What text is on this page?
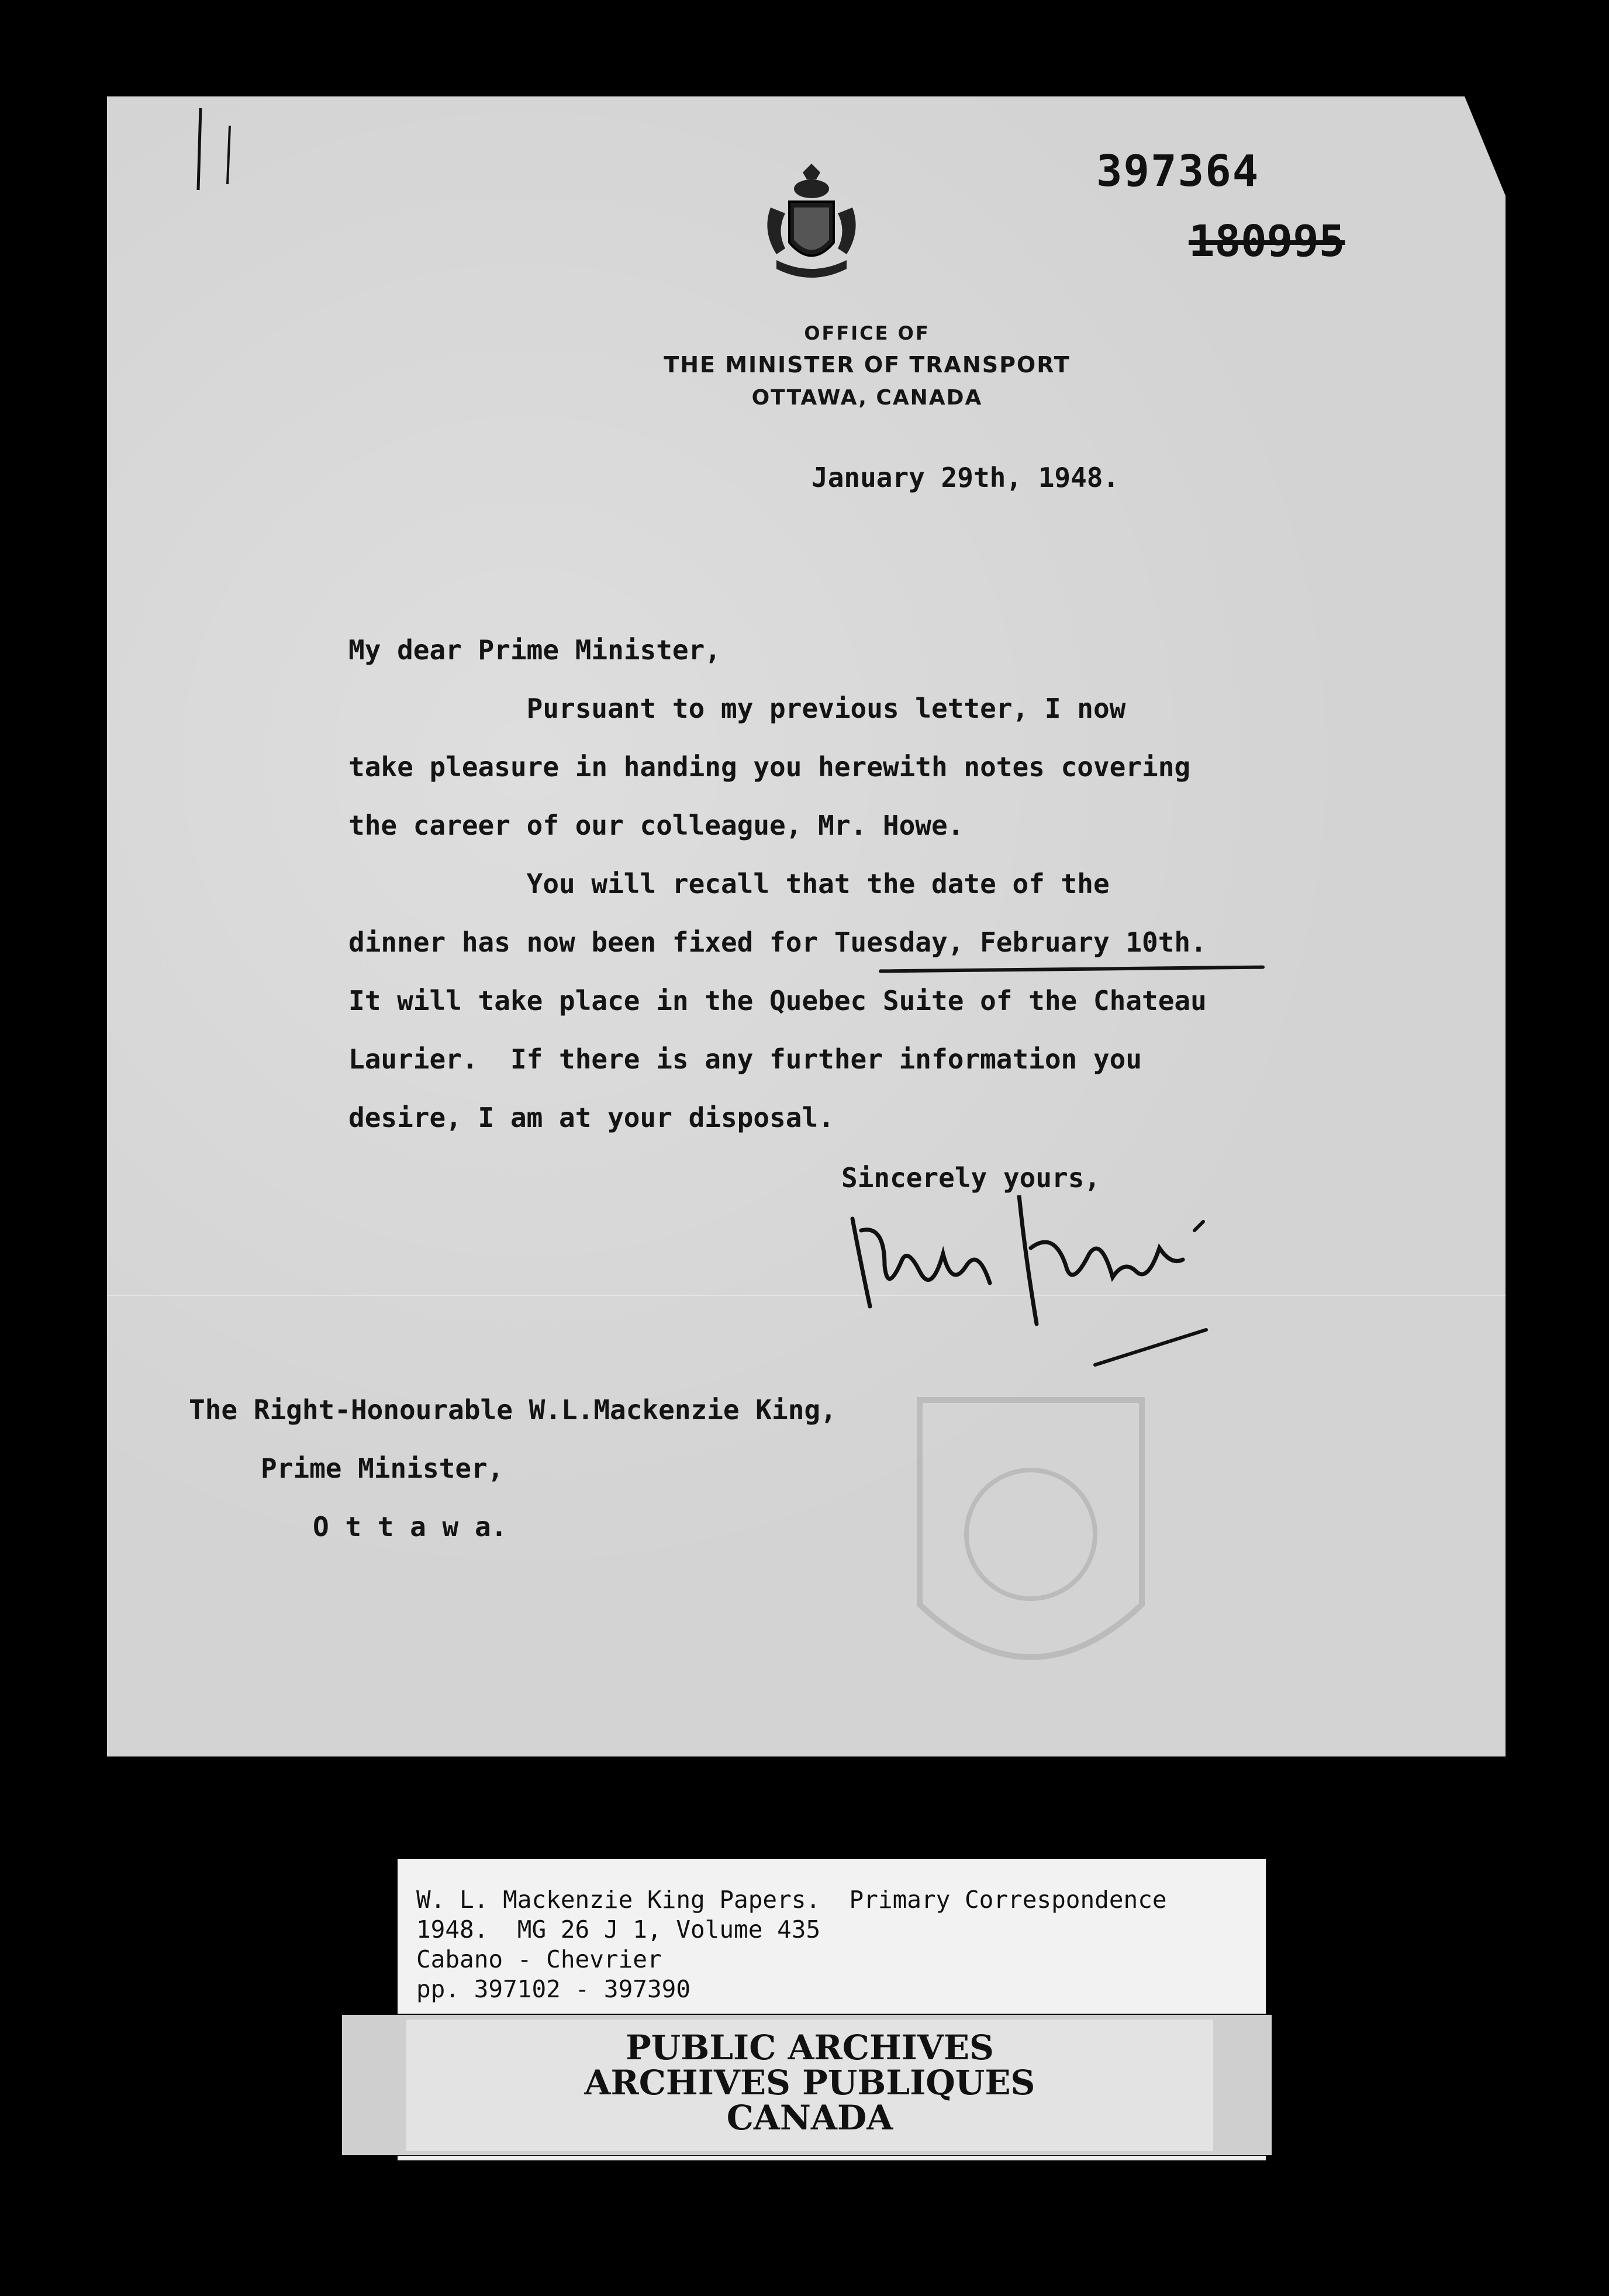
397364
180995
OFFICE OF
THE MINISTER OF TRANSPORT
OTTAWA, CANADA
January 29th, 1948.
My dear Prime Minister,
Pursuant to my previous letter, I now
take pleasure in handing you herewith notes covering
the career of our colleague, Mr. Howe.
You will recall that the date of the
dinner has now been fixed for Tuesday, February 10th.
It will take place in the Quebec Suite of the Chateau
Laurier.  If there is any further information you
desire, I am at your disposal.
Sincerely yours,
The Right-Honourable W.L.Mackenzie King,
Prime Minister,
O t t a w a.
W. L. Mackenzie King Papers.  Primary Correspondence
1948.  MG 26 J 1, Volume 435
Cabano - Chevrier
pp. 397102 - 397390
PUBLIC ARCHIVES
ARCHIVES PUBLIQUES
CANADA
